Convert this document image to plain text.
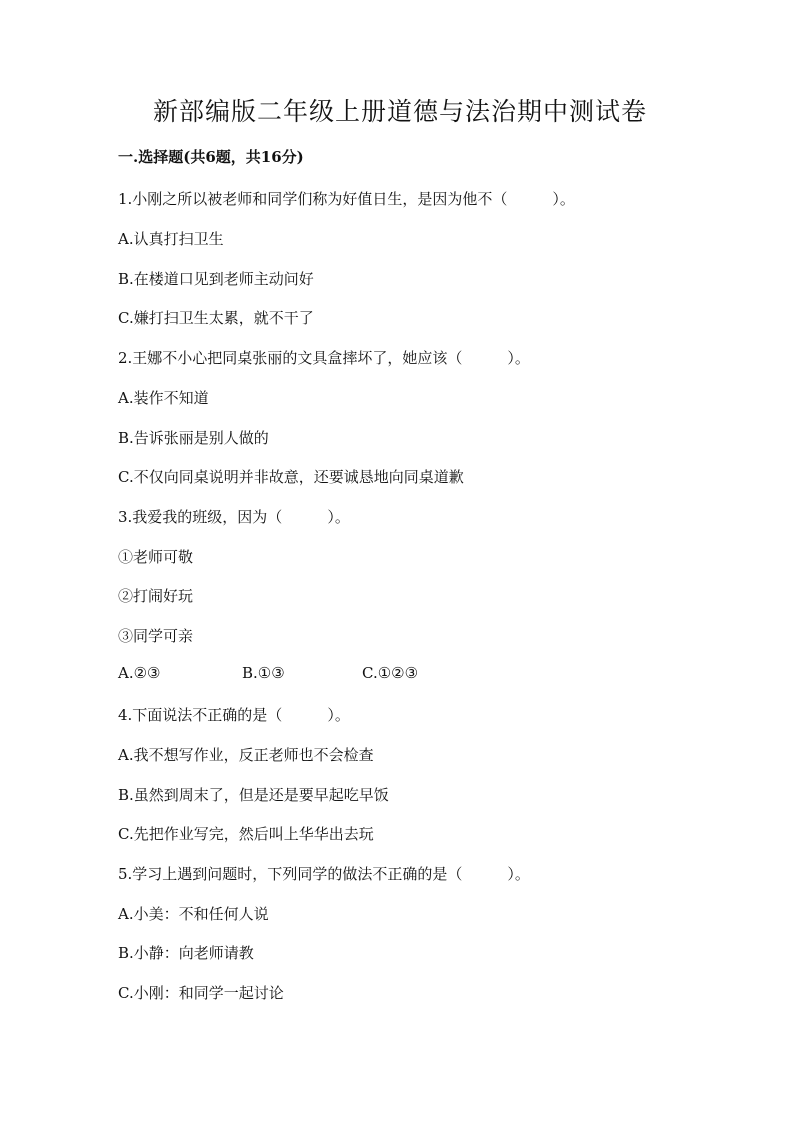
新部编版二年级上册道德与法治期中测试卷
一.选择题(共6题，共16分)
1.小刚之所以被老师和同学们称为好值日生，是因为他不（　　　）。
A.认真打扫卫生
B.在楼道口见到老师主动问好
C.嫌打扫卫生太累，就不干了
2.王娜不小心把同桌张丽的文具盒摔坏了，她应该（　　　）。
A.装作不知道
B.告诉张丽是别人做的
C.不仅向同桌说明并非故意，还要诚恳地向同桌道歉
3.我爱我的班级，因为（　　　）。
①老师可敬
②打闹好玩
③同学可亲
A.②③	B.①③	C.①②③
4.下面说法不正确的是（　　　）。
A.我不想写作业，反正老师也不会检查
B.虽然到周末了，但是还是要早起吃早饭
C.先把作业写完，然后叫上华华出去玩
5.学习上遇到问题时，下列同学的做法不正确的是（　　　）。
A.小美：不和任何人说
B.小静：向老师请教
C.小刚：和同学一起讨论
